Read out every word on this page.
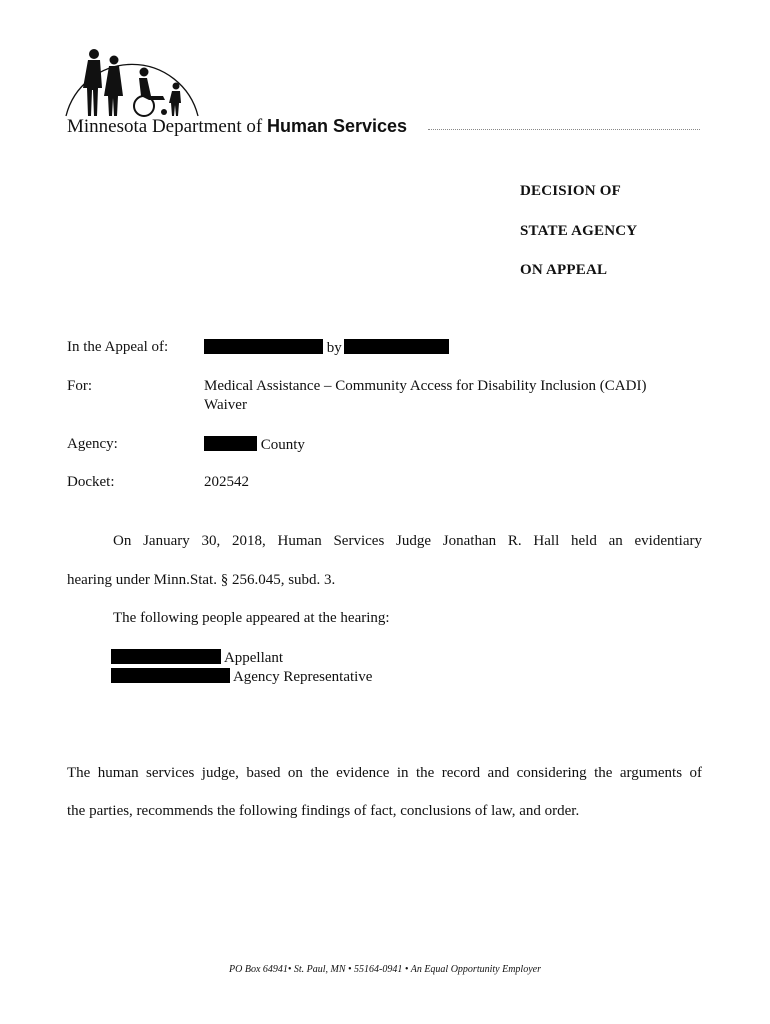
Minnesota Department of Human Services
DECISION OF
STATE AGENCY
ON APPEAL
In the Appeal of:	by
For:	Medical Assistance – Community Access for Disability Inclusion (CADI)
Waiver
Agency:	County
Docket:	202542
On January 30, 2018, Human Services Judge Jonathan R. Hall held an evidentiary
hearing under Minn.Stat. § 256.045, subd. 3.
The following people appeared at the hearing:
Appellant
Agency Representative
The human services judge, based on the evidence in the record and considering the arguments of
the parties, recommends the following findings of fact, conclusions of law, and order.
PO Box 64941• St. Paul, MN • 55164-0941 • An Equal Opportunity Employer
